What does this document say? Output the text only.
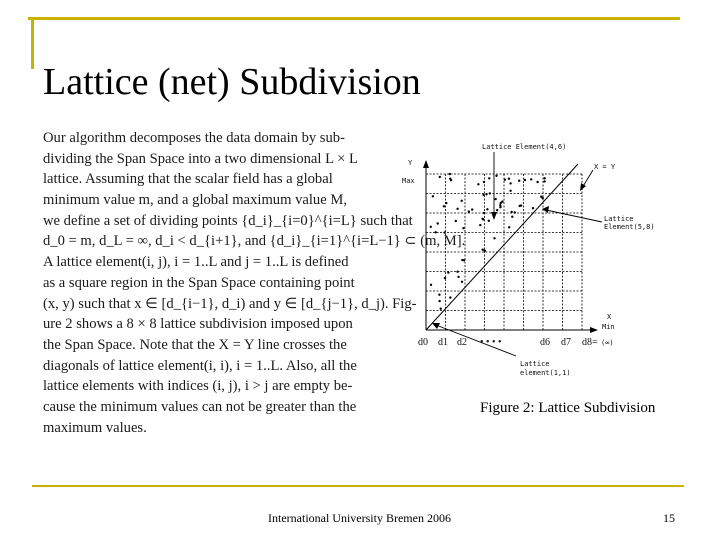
Lattice (net) Subdivision
Our algorithm decomposes the data domain by sub-
dividing the Span Space into a two dimensional L × L
lattice. Assuming that the scalar field has a global
minimum value m, and a global maximum value M,
we define a set of dividing points {d_i}_{i=0}^{i=L} such that
d_0 = m, d_L = ∞, d_i < d_{i+1}, and {d_i}_{i=1}^{i=L−1} ⊂ (m, M].
A lattice element(i, j), i = 1..L and j = 1..L is defined
as a square region in the Span Space containing point
(x, y) such that x ∈ [d_{i−1}, d_i) and y ∈ [d_{j−1}, d_j). Fig-
ure 2 shows a 8 × 8 lattice subdivision imposed upon
the Span Space. Note that the X = Y line crosses the
diagonals of lattice element(i, i), i = 1..L. Also, all the
lattice elements with indices (i, j), i > j are empty be-
cause the minimum values can not be greater than the
maximum values.
Lattice Element(4,6)
Y
Max
X = Y
Lattice
Element(5,8)
X
Min
Lattice
element(1,1)
d0 d1 d2 • • • •	d6 d7 d8= (∞)
Figure 2: Lattice Subdivision
International University Bremen 2006	15
